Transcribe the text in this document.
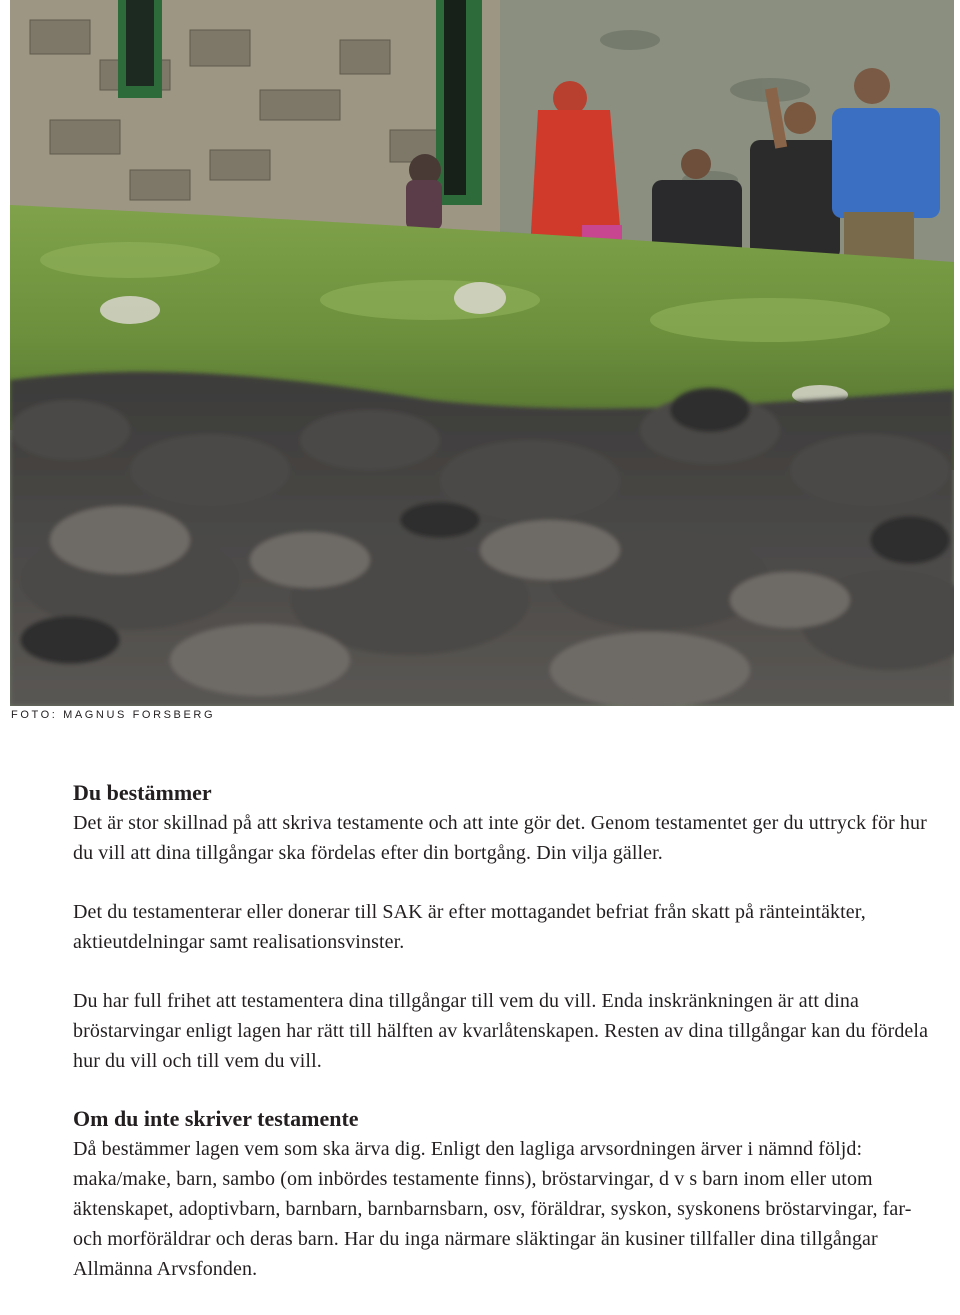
FOTO: MAGNUS FORSBERG
Du bestämmer

Det är stor skillnad på att skriva testamente och att inte gör det. Genom testamentet ger du uttryck för hur du vill att dina tillgångar ska fördelas efter din bortgång. Din vilja gäller.

Det du testamenterar eller donerar till SAK är efter mottagandet befriat från skatt på ränteintäkter, aktieutdelningar samt realisationsvinster.

Du har full frihet att testamentera dina tillgångar till vem du vill. Enda inskränkningen är att dina bröstarvingar enligt lagen har rätt till hälften av kvarlåtenskapen. Resten av dina tillgångar kan du fördela hur du vill och till vem du vill.

Om du inte skriver testamente

Då bestämmer lagen vem som ska ärva dig. Enligt den lagliga arvsordningen ärver i nämnd följd: maka/make, barn, sambo (om inbördes testamente finns), bröstarvingar, d v s barn inom eller utom äktenskapet, adoptivbarn, barnbarn, barnbarnsbarn, osv, föräldrar, syskon, syskonens bröstarvingar, far- och morföräldrar och deras barn. Har du inga närmare släktingar än kusiner tillfaller dina tillgångar Allmänna Arvsfonden.
